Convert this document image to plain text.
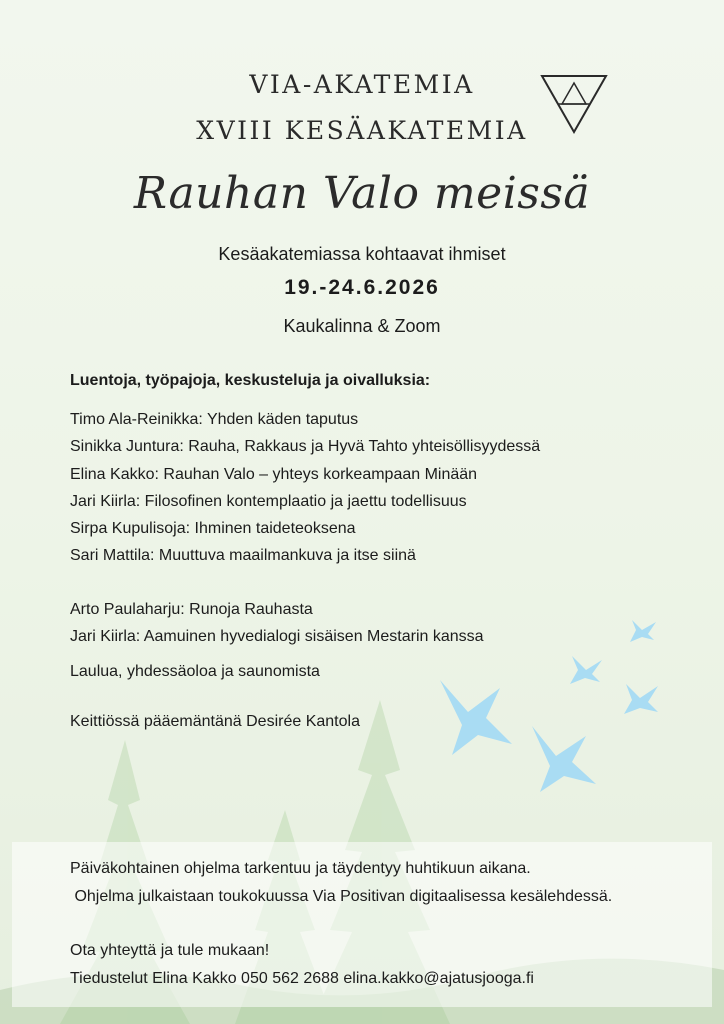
VIA-AKATEMIA
XVIII KESÄAKATEMIA
Rauhan Valo meissä
Kesäakatemiassa kohtaavat ihmiset
19.-24.6.2026
Kaukalinna & Zoom
Luentoja, työpajoja, keskusteluja ja oivalluksia:
Timo Ala-Reinikka: Yhden käden taputus
Sinikka Juntura: Rauha, Rakkaus ja Hyvä Tahto yhteisöllisyydessä
Elina Kakko: Rauhan Valo – yhteys korkeampaan Minään
Jari Kiirla: Filosofinen kontemplaatio ja jaettu todellisuus
Sirpa Kupulisoja: Ihminen taideteoksena
Sari Mattila: Muuttuva maailmankuva ja itse siinä
Arto Paulaharju: Runoja Rauhasta
Jari Kiirla: Aamuinen hyvedialogi sisäisen Mestarin kanssa
Laulua, yhdessäoloa ja saunomista
Keittiössä pääemäntänä Desirée Kantola
Päiväkohtainen ohjelma tarkentuu ja täydentyy huhtikuun aikana.
Ohjelma julkaistaan toukokuussa Via Positivan digitaalisessa kesälehdessä.
Ota yhteyttä ja tule mukaan!
Tiedustelut Elina Kakko 050 562 2688 elina.kakko@ajatusjooga.fi
